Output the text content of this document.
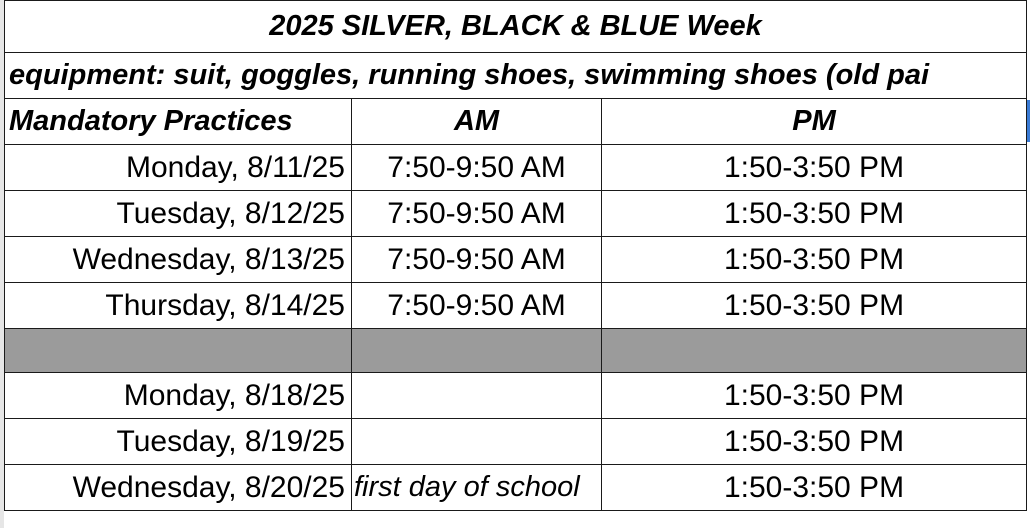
2025 SILVER, BLACK & BLUE Week		
equipment: suit, goggles, running shoes, swimming shoes (old pai		
Mandatory Practices	AM	PM
Monday, 8/11/25	7:50-9:50 AM	1:50-3:50 PM
Tuesday, 8/12/25	7:50-9:50 AM	1:50-3:50 PM
Wednesday, 8/13/25	7:50-9:50 AM	1:50-3:50 PM
Thursday, 8/14/25	7:50-9:50 AM	1:50-3:50 PM

Monday, 8/18/25		1:50-3:50 PM
Tuesday, 8/19/25		1:50-3:50 PM
Wednesday, 8/20/25	first day of school	1:50-3:50 PM
